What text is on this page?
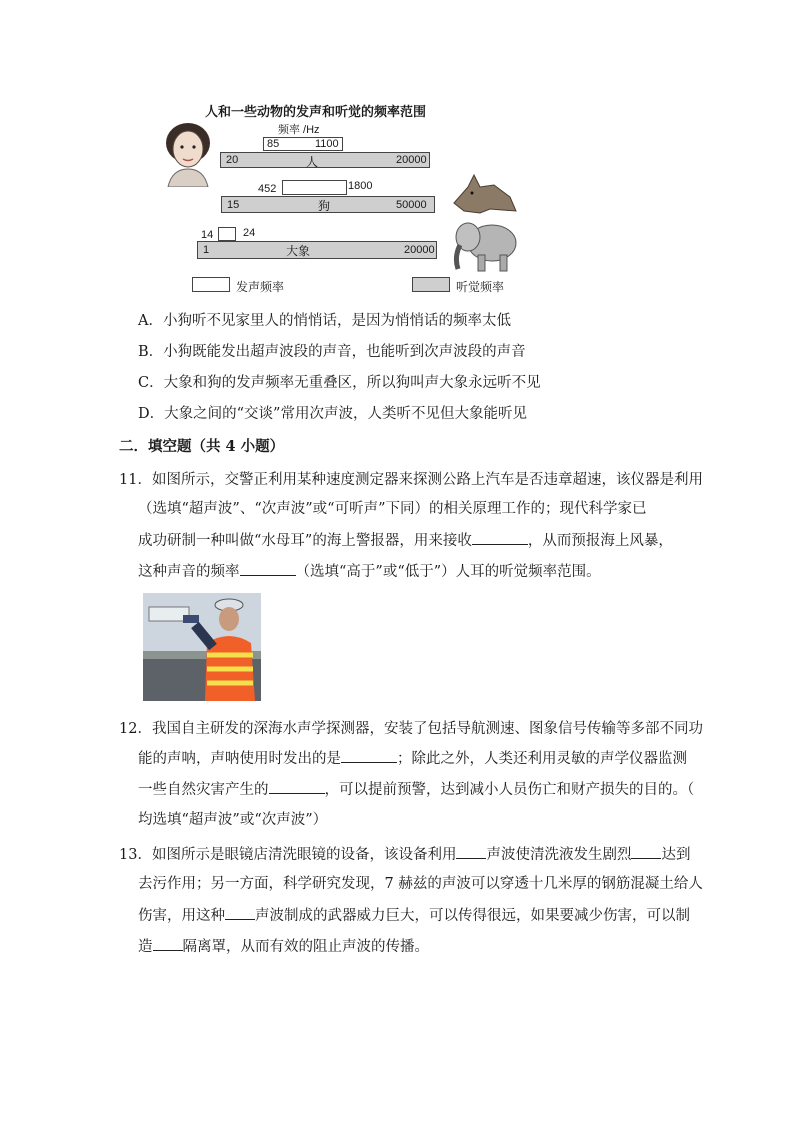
人和一些动物的发声和听觉的频率范围
频率 /Hz
85	1100
20	人	20000
452	1800
15	狗	50000
14	24
1	大象	20000
发声频率	听觉频率
A．小狗听不见家里人的悄悄话，是因为悄悄话的频率太低
B．小狗既能发出超声波段的声音，也能听到次声波段的声音
C．大象和狗的发声频率无重叠区，所以狗叫声大象永远听不见
D．大象之间的“交谈”常用次声波，人类听不见但大象能听见
二．填空题（共 4 小题）
11．如图所示，交警正利用某种速度测定器来探测公路上汽车是否违章超速，该仪器是利用
（选填“超声波”、“次声波”或“可听声”下同）的相关原理工作的；现代科学家已
成功研制一种叫做“水母耳”的海上警报器，用来接收	，从而预报海上风暴，
这种声音的频率	（选填“高于”或“低于”）人耳的听觉频率范围。
12．我国自主研发的深海水声学探测器，安装了包括导航测速、图象信号传输等多部不同功
能的声呐，声呐使用时发出的是	；除此之外，人类还利用灵敏的声学仪器监测
一些自然灾害产生的	，可以提前预警，达到减小人员伤亡和财产损失的目的。（
均选填“超声波”或“次声波”）
13．如图所示是眼镜店清洗眼镜的设备，该设备利用 声波使清洗液发生剧烈 达到
去污作用；另一方面，科学研究发现，7 赫兹的声波可以穿透十几米厚的钢筋混凝土给人
伤害，用这种 声波制成的武器威力巨大，可以传得很远，如果要减少伤害，可以制
造 隔离罩，从而有效的阻止声波的传播。
